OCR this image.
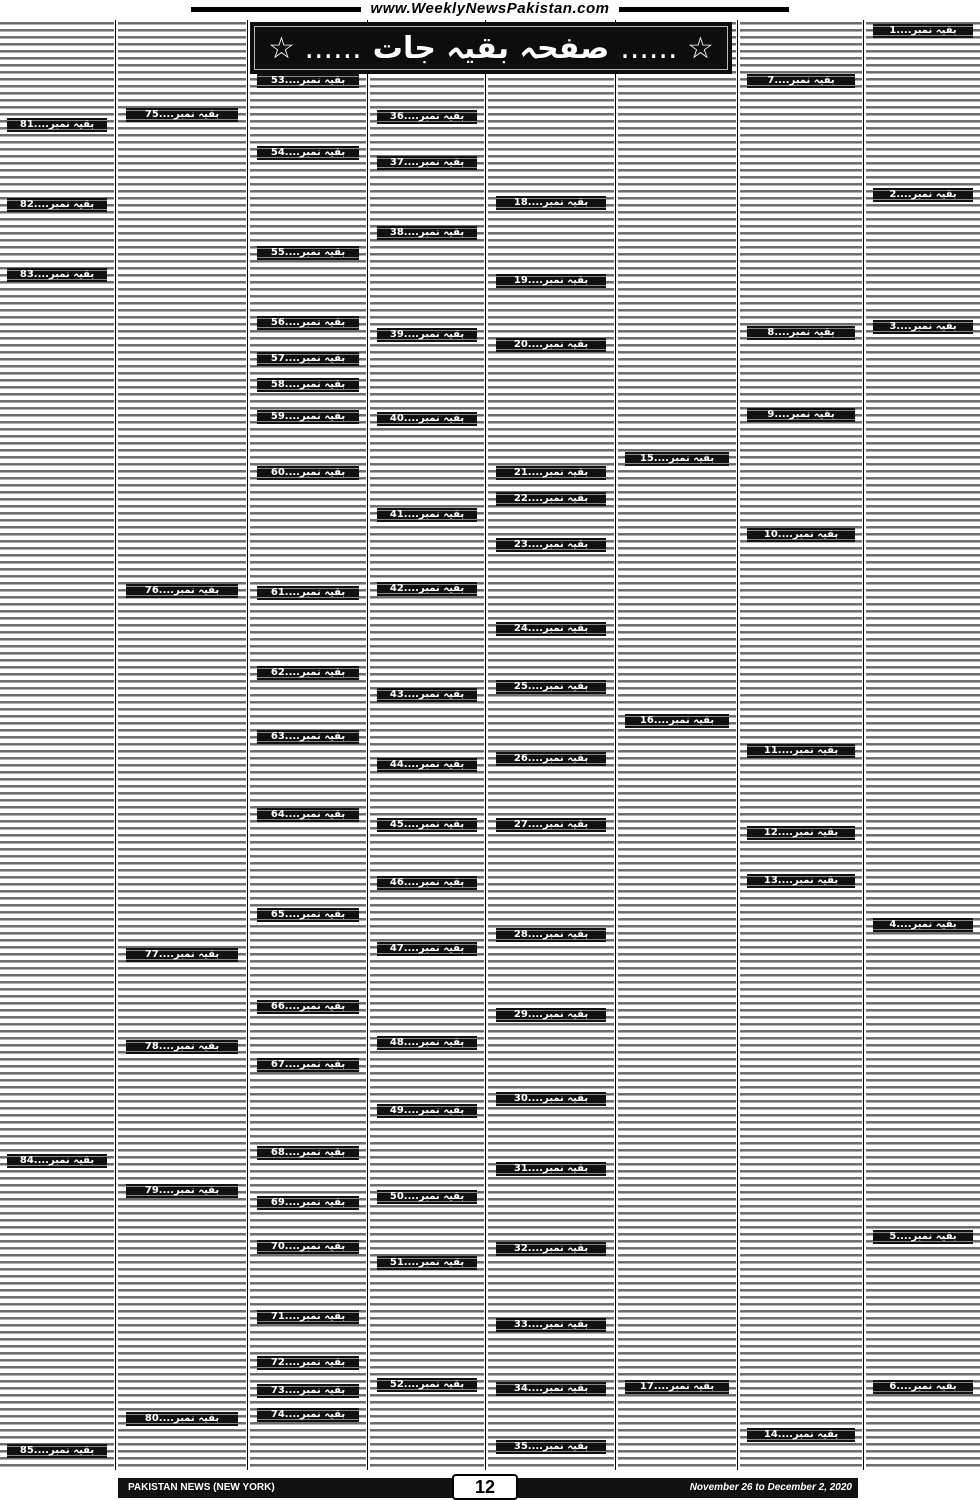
www.WeeklyNewsPakistan.com
☆ ...... صفحہ بقیہ جات ...... ☆
بقیہ نمبر....1
بقیہ نمبر....2
بقیہ نمبر....3
بقیہ نمبر....4
بقیہ نمبر....5
بقیہ نمبر....6
بقیہ نمبر....7
بقیہ نمبر....8
بقیہ نمبر....9
بقیہ نمبر....10
بقیہ نمبر....11
بقیہ نمبر....12
بقیہ نمبر....13
بقیہ نمبر....14
بقیہ نمبر....15
بقیہ نمبر....16
بقیہ نمبر....17
بقیہ نمبر....18
بقیہ نمبر....19
بقیہ نمبر....20
بقیہ نمبر....21
بقیہ نمبر....22
بقیہ نمبر....23
بقیہ نمبر....24
بقیہ نمبر....25
بقیہ نمبر....26
بقیہ نمبر....27
بقیہ نمبر....28
بقیہ نمبر....29
بقیہ نمبر....30
بقیہ نمبر....31
بقیہ نمبر....32
بقیہ نمبر....33
بقیہ نمبر....34
بقیہ نمبر....35
بقیہ نمبر....36
بقیہ نمبر....37
بقیہ نمبر....38
بقیہ نمبر....39
بقیہ نمبر....40
بقیہ نمبر....41
بقیہ نمبر....42
بقیہ نمبر....43
بقیہ نمبر....44
بقیہ نمبر....45
بقیہ نمبر....46
بقیہ نمبر....47
بقیہ نمبر....48
بقیہ نمبر....49
بقیہ نمبر....50
بقیہ نمبر....51
بقیہ نمبر....52
بقیہ نمبر....53
بقیہ نمبر....54
بقیہ نمبر....55
بقیہ نمبر....56
بقیہ نمبر....57
بقیہ نمبر....58
بقیہ نمبر....59
بقیہ نمبر....60
بقیہ نمبر....61
بقیہ نمبر....62
بقیہ نمبر....63
بقیہ نمبر....64
بقیہ نمبر....65
بقیہ نمبر....66
بقیہ نمبر....67
بقیہ نمبر....68
بقیہ نمبر....69
بقیہ نمبر....70
بقیہ نمبر....71
بقیہ نمبر....72
بقیہ نمبر....73
بقیہ نمبر....74
بقیہ نمبر....75
بقیہ نمبر....76
بقیہ نمبر....77
بقیہ نمبر....78
بقیہ نمبر....79
بقیہ نمبر....80
بقیہ نمبر....81
بقیہ نمبر....82
بقیہ نمبر....83
بقیہ نمبر....84
بقیہ نمبر....85
PAKISTAN NEWS (NEW YORK)	November 26 to December 2, 2020
12
